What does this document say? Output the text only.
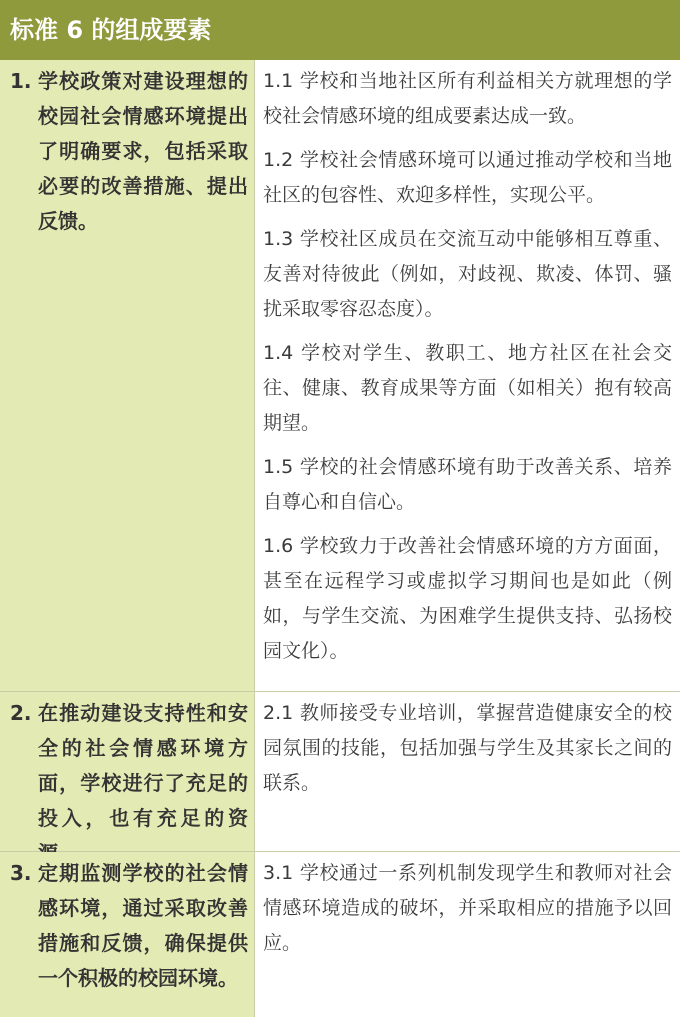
标准 6 的组成要素
1. 学校政策对建设理想的校园社会情感环境提出了明确要求，包括采取必要的改善措施、提出反馈。
1.1 学校和当地社区所有利益相关方就理想的学校社会情感环境的组成要素达成一致。
1.2 学校社会情感环境可以通过推动学校和当地社区的包容性、欢迎多样性，实现公平。
1.3 学校社区成员在交流互动中能够相互尊重、友善对待彼此（例如，对歧视、欺凌、体罚、骚扰采取零容忍态度）。
1.4 学校对学生、教职工、地方社区在社会交往、健康、教育成果等方面（如相关）抱有较高期望。
1.5 学校的社会情感环境有助于改善关系、培养自尊心和自信心。
1.6 学校致力于改善社会情感环境的方方面面，甚至在远程学习或虚拟学习期间也是如此（例如，与学生交流、为困难学生提供支持、弘扬校园文化）。
2. 在推动建设支持性和安全的社会情感环境方面，学校进行了充足的投入，也有充足的资
2.1 教师接受专业培训，掌握营造健康安全的校园氛围的技能，包括加强与学生及其家长之间的联系。
3. 定期监测学校的社会情感环境，通过采取改善措施和反馈，确保提供一个积极的校园环境。
3.1 学校通过一系列机制发现学生和教师对社会情感环境造成的破坏，并采取相应的措施予以回应。
